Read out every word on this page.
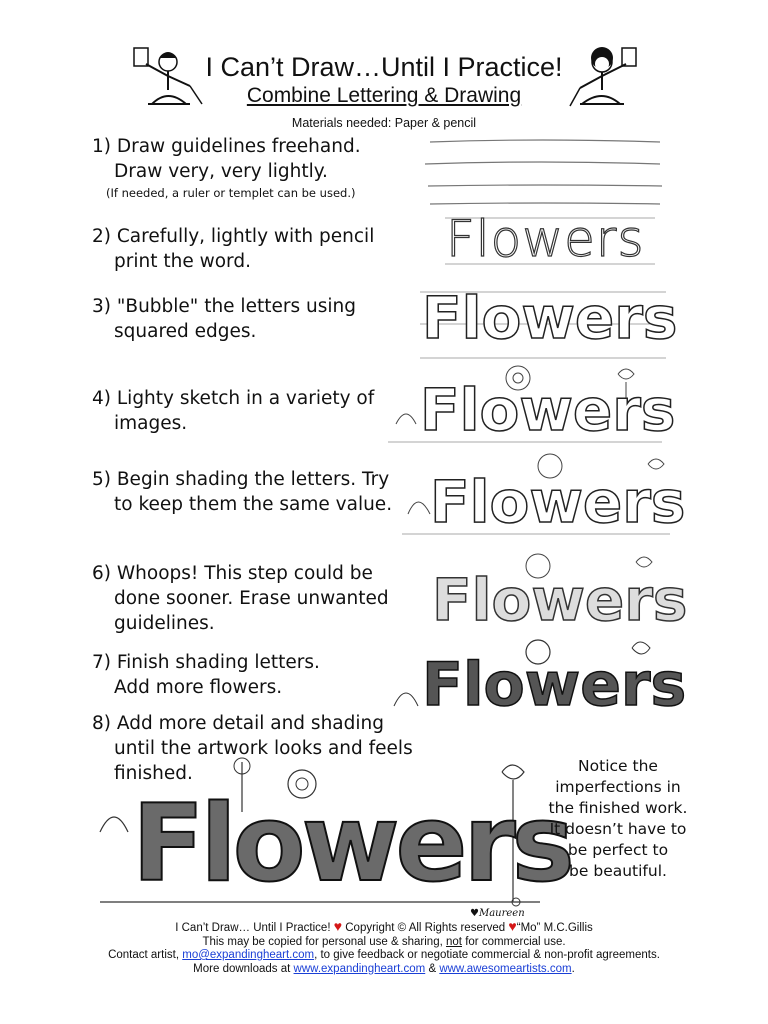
I Can’t Draw…Until I Practice!
Combine Lettering & Drawing
Materials needed: Paper & pencil
1) Draw guidelines freehand.
Draw very, very lightly.
(If needed, a ruler or templet can be used.)
2) Carefully, lightly with pencil
print the word.
3) "Bubble" the letters using
squared edges.
4) Lighty sketch in a variety of
images.
5) Begin shading the letters. Try
to keep them the same value.
6) Whoops! This step could be
done sooner. Erase unwanted
guidelines.
7) Finish shading letters.
Add more flowers.
8) Add more detail and shading
until the artwork looks and feels
finished.
Flowers
Flowers
Flowers
Flowers
Flowers
Flowers
Flowers
Notice the
imperfections in
the finished work.
It doesn’t have to
be perfect to
be beautiful.
♥Maureen
I Can’t Draw… Until I Practice! ♥ Copyright © All Rights reserved ♥“Mo” M.C.Gillis
This may be copied for personal use & sharing, not for commercial use.
Contact artist, mo@expandingheart.com, to give feedback or negotiate commercial & non-profit agreements.
More downloads at www.expandingheart.com & www.awesomeartists.com.
